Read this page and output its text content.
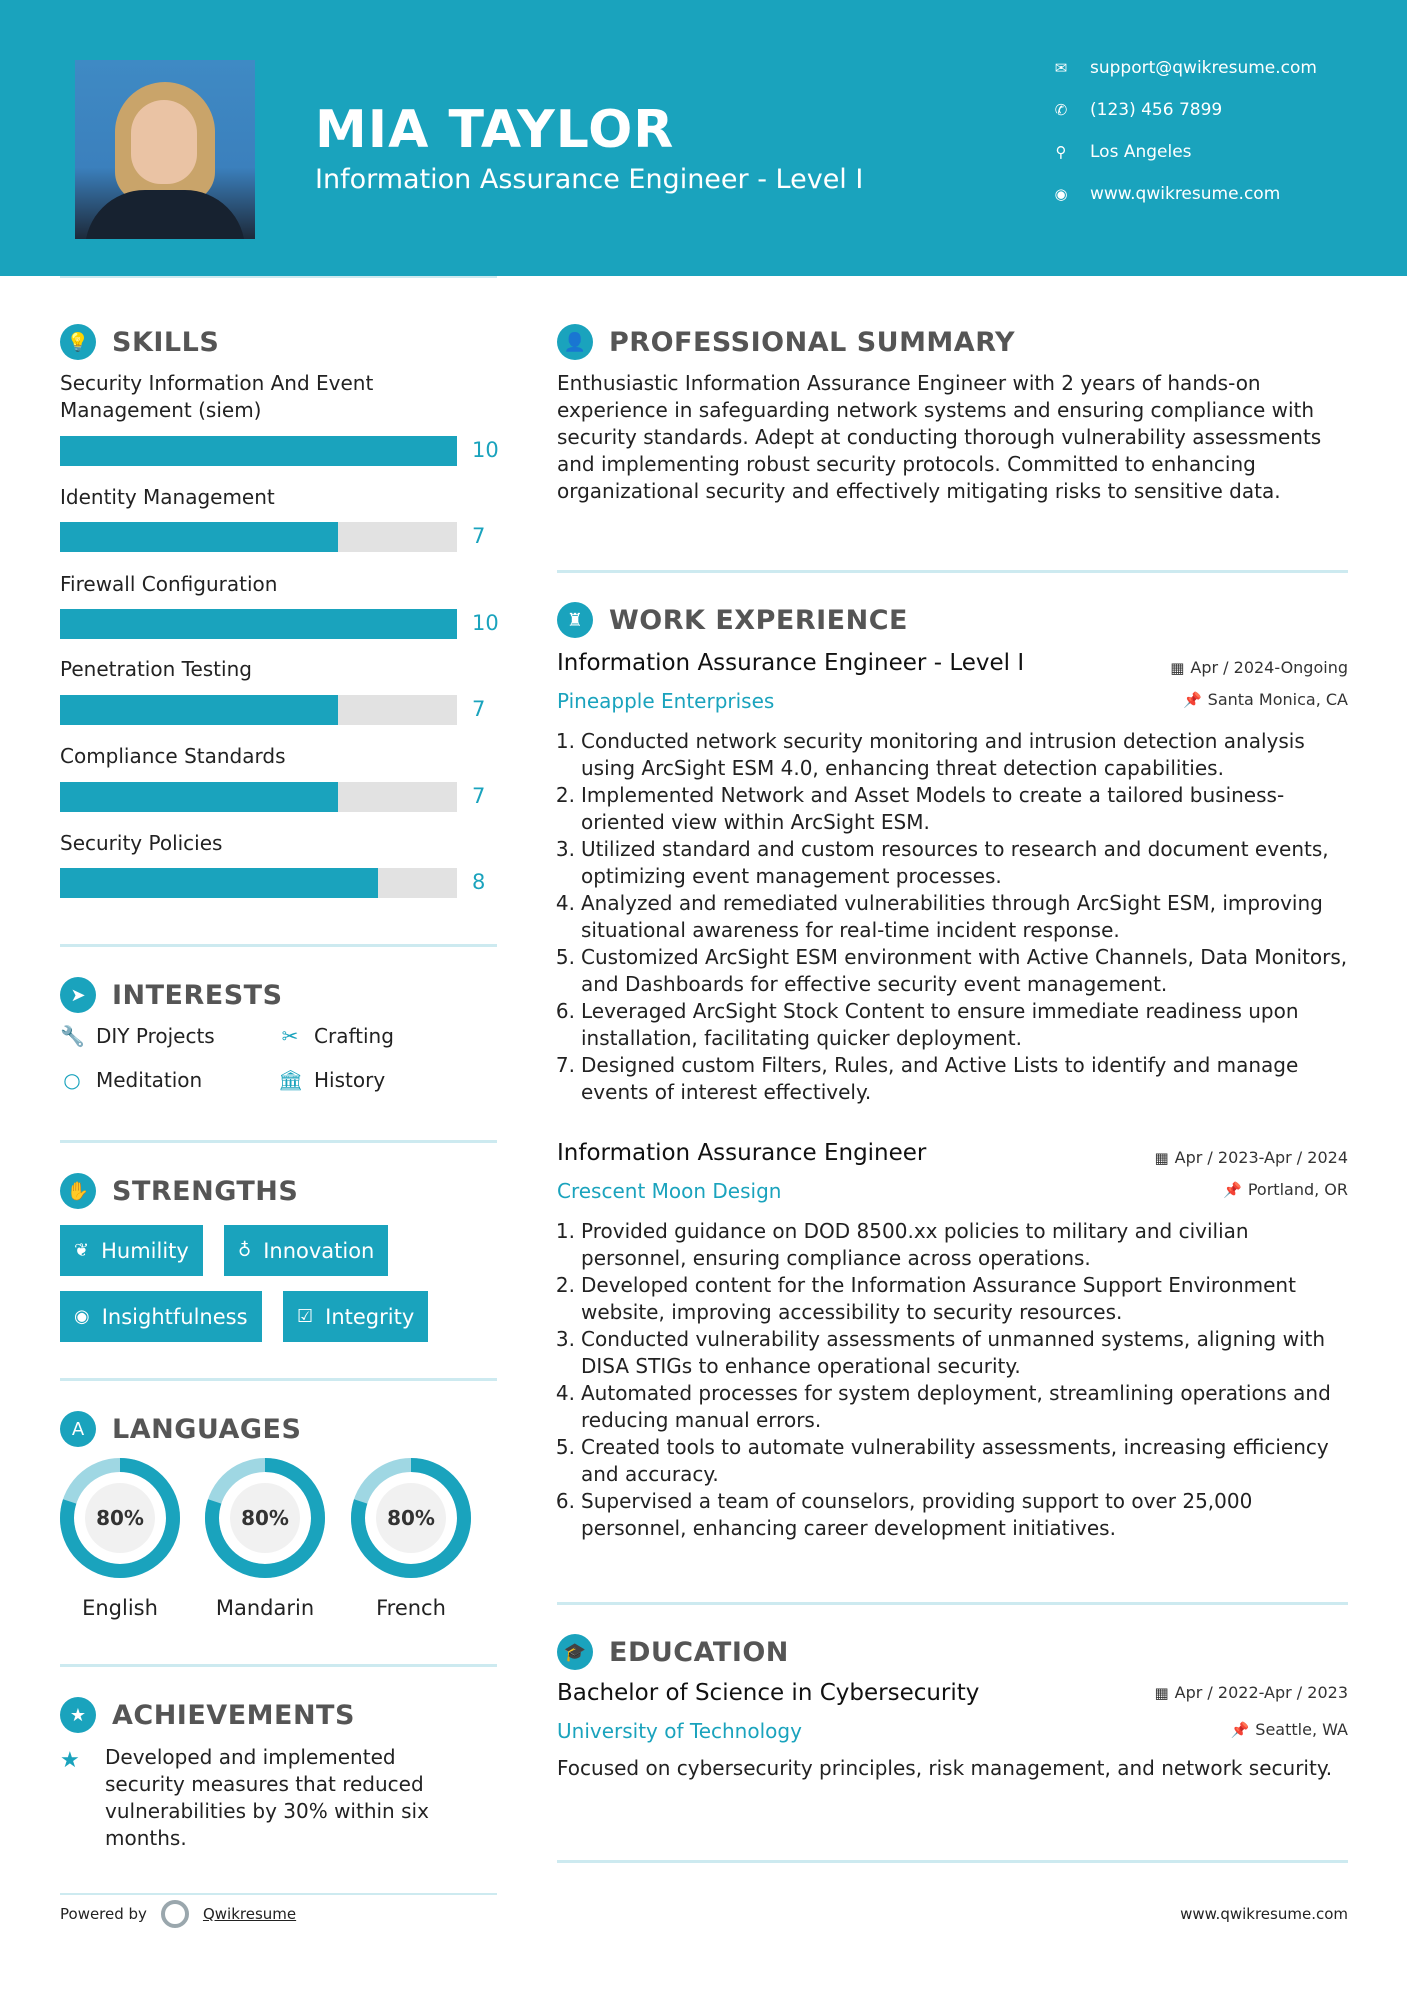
MIA TAYLOR
Information Assurance Engineer - Level I
✉ support@qwikresume.com
✆ (123) 456 7899
⚲	Los Angeles
◉ www.qwikresume.com
💡 SKILLS
Security Information And Event Management (siem)
10
Identity Management
7
Firewall Configuration
10
Penetration Testing
7
Compliance Standards
7
Security Policies
8
➤ INTERESTS
🔧 DIY Projects	✂ Crafting
○ Meditation	🏛 History
✋ STRENGTHS
❦ Humility	♁ Innovation
◉ Insightfulness	☑ Integrity
A	LANGUAGES
80%
English
80%
Mandarin
80%
French
★ ACHIEVEMENTS
★ Developed and implemented security measures that reduced vulnerabilities by 30% within six months.
👤 PROFESSIONAL SUMMARY
Enthusiastic Information Assurance Engineer with 2 years of hands-on experience in safeguarding network systems and ensuring compliance with security standards. Adept at conducting thorough vulnerability assessments and implementing robust security protocols. Committed to enhancing organizational security and effectively mitigating risks to sensitive data.
♜ WORK EXPERIENCE
Information Assurance Engineer - Level I	▦ Apr / 2024-Ongoing
Pineapple Enterprises	📌 Santa Monica, CA
1. Conducted network security monitoring and intrusion detection analysis using ArcSight ESM 4.0, enhancing threat detection capabilities.
2. Implemented Network and Asset Models to create a tailored business-oriented view within ArcSight ESM.
3. Utilized standard and custom resources to research and document events, optimizing event management processes.
4. Analyzed and remediated vulnerabilities through ArcSight ESM, improving situational awareness for real-time incident response.
5. Customized ArcSight ESM environment with Active Channels, Data Monitors, and Dashboards for effective security event management.
6. Leveraged ArcSight Stock Content to ensure immediate readiness upon installation, facilitating quicker deployment.
7. Designed custom Filters, Rules, and Active Lists to identify and manage events of interest effectively.
Information Assurance Engineer	▦ Apr / 2023-Apr / 2024
Crescent Moon Design	📌 Portland, OR
1. Provided guidance on DOD 8500.xx policies to military and civilian personnel, ensuring compliance across operations.
2. Developed content for the Information Assurance Support Environment website, improving accessibility to security resources.
3. Conducted vulnerability assessments of unmanned systems, aligning with DISA STIGs to enhance operational security.
4. Automated processes for system deployment, streamlining operations and reducing manual errors.
5. Created tools to automate vulnerability assessments, increasing efficiency and accuracy.
6. Supervised a team of counselors, providing support to over 25,000 personnel, enhancing career development initiatives.
🎓 EDUCATION
Bachelor of Science in Cybersecurity	▦ Apr / 2022-Apr / 2023
University of Technology	📌 Seattle, WA
Focused on cybersecurity principles, risk management, and network security.
Powered by	Qwikresume	www.qwikresume.com
